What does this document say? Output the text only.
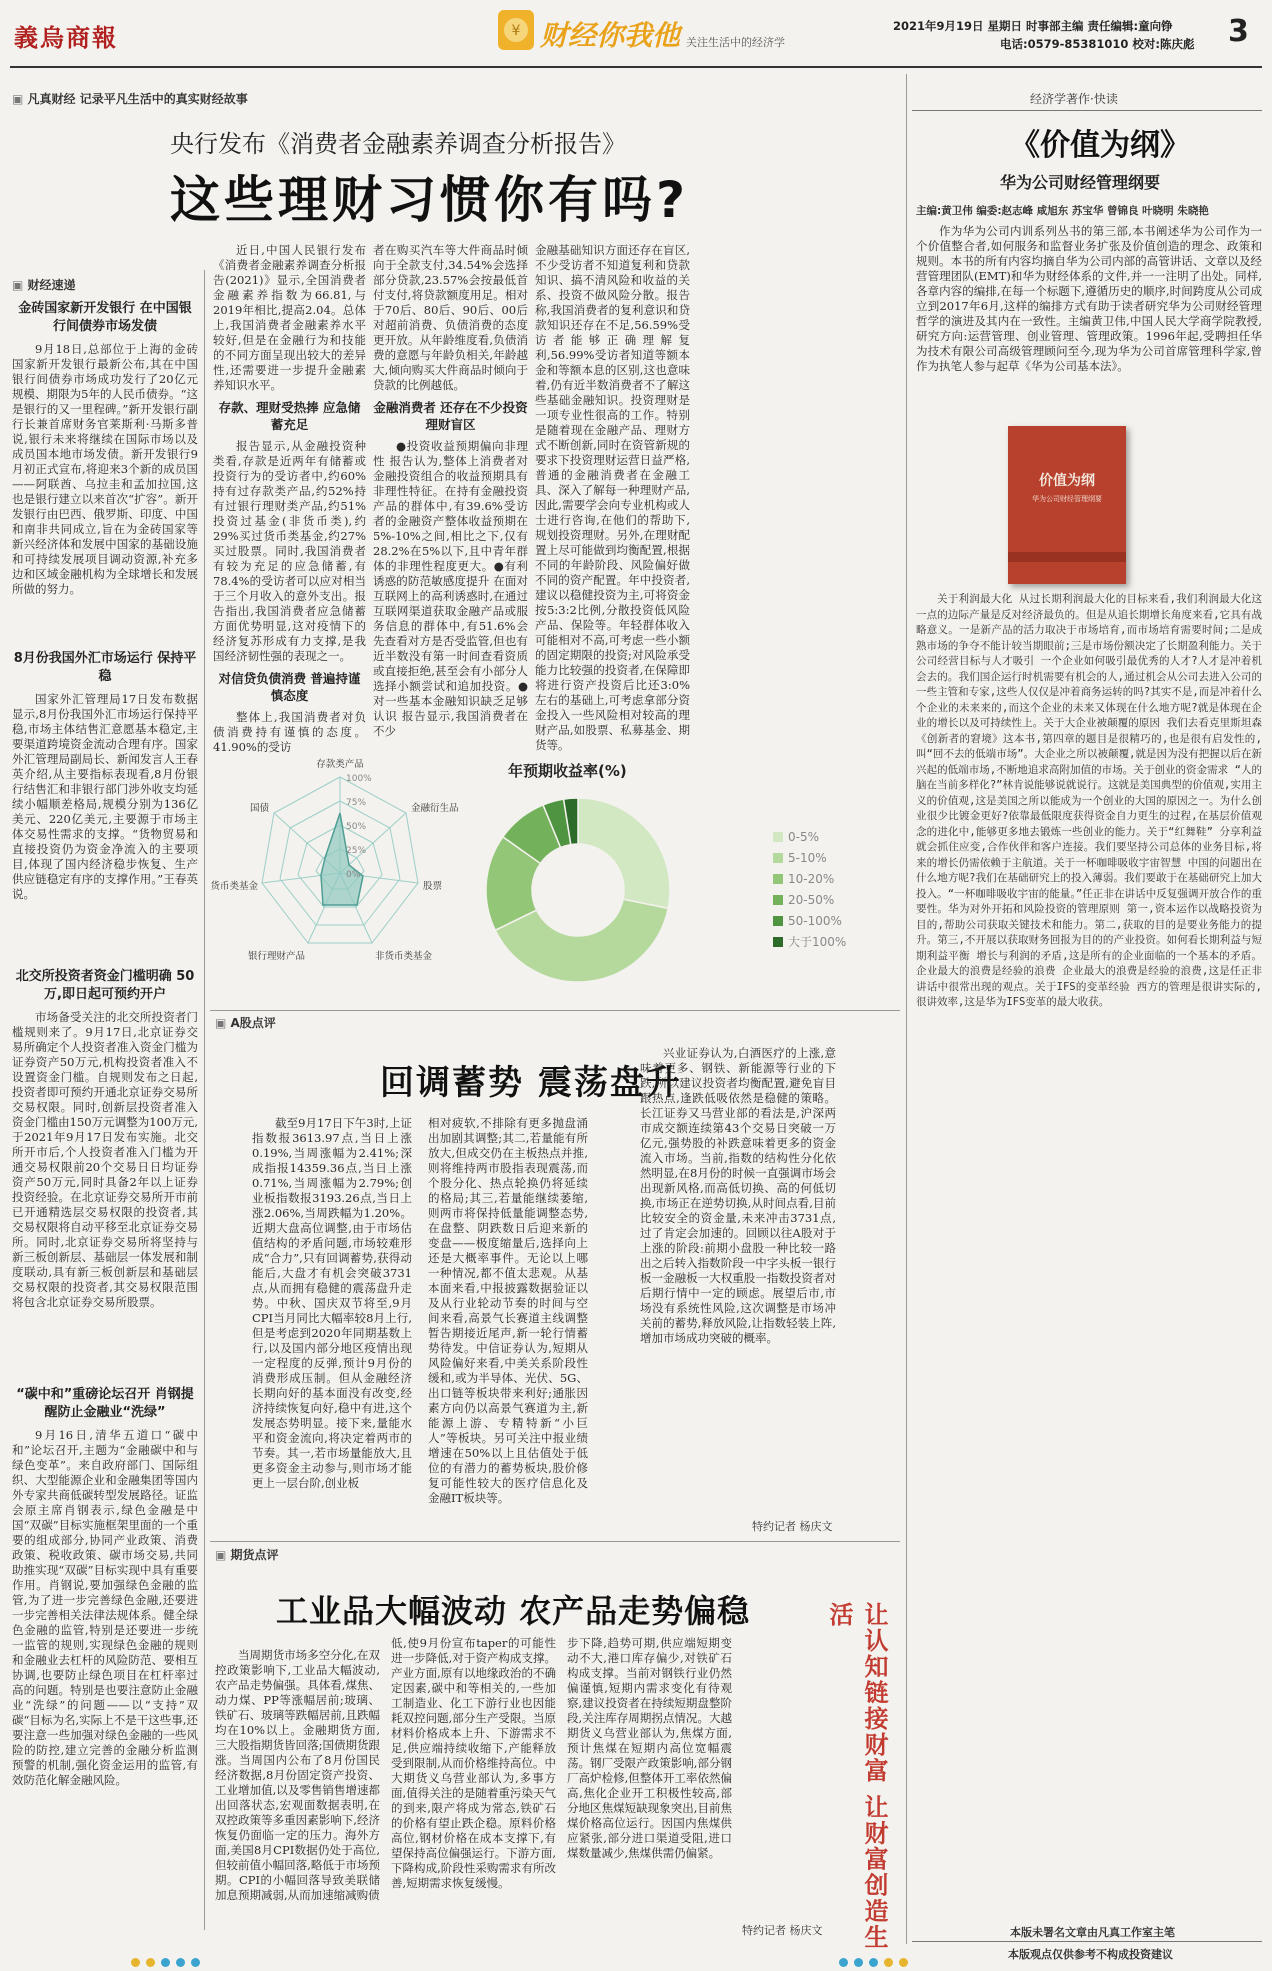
義烏商報	¥ 财经你我他 关注生活中的经济学
2021年9月19日 星期日 时事部主编 责任编辑:童向铮
电话:0579-85381010 校对:陈庆彪 3
▣ 凡真财经 记录平凡生活中的真实财经故事
央行发布《消费者金融素养调查分析报告》
这些理财习惯你有吗?

近日,中国人民银行发布《消费者金融素养调查分析报告(2021)》显示,全国消费者金融素养指数为66.81,与2019年相比,提高2.04。总体上,我国消费者金融素养水平较好,但是在金融行为和技能的不同方面呈现出较大的差异性,还需要进一步提升金融素养知识水平。

存款、理财受热捧 应急储蓄充足

报告显示,从金融投资种类看,存款是近两年有储蓄或投资行为的受访者中,约60%持有过存款类产品,约52%持有过银行理财类产品,约51%投资过基金(非货币类),约29%买过货币类基金,约27%买过股票。同时,我国消费者有较为充足的应急储蓄,有78.4%的受访者可以应对相当于三个月收入的意外支出。报告指出,我国消费者应急储蓄方面优势明显,这对疫情下的经济复苏形成有力支撑,是我国经济韧性强的表现之一。

对信贷负债消费 普遍持谨慎态度

整体上,我国消费者对负债消费持有谨慎的态度。41.90%的受访

者在购买汽车等大件商品时倾向于全款支付,34.54%会选择部分贷款,23.57%会按最低首付支付,将贷款额度用足。相对于70后、80后、90后、00后对超前消费、负债消费的态度更开放。从年龄维度看,负债消费的意愿与年龄负相关,年龄越大,倾向购买大件商品时倾向于贷款的比例越低。

金融消费者 还存在不少投资理财盲区

●投资收益预期偏向非理性 报告认为,整体上消费者对金融投资组合的收益预期具有非理性特征。在持有金融投资产品的群体中,有39.6%受访者的金融资产整体收益预期在5%-10%之间,相比之下,仅有28.2%在5%以下,且中青年群体的非理性程度更大。●有利诱惑的防范敏感度提升 在面对互联网上的高利诱惑时,在通过互联网渠道获取金融产品或服务信息的群体中,有51.6%会先查看对方是否受监管,但也有近半数没有第一时间查看资质或直接拒绝,甚至会有小部分人选择小额尝试和追加投资。●对一些基本金融知识缺乏足够认识 报告显示,我国消费者在不少

金融基础知识方面还存在盲区,不少受访者不知道复利和贷款知识、搞不清风险和收益的关系、投资不做风险分散。报告称,我国消费者的复利意识和贷款知识还存在不足,56.59%受访者能够正确理解复利,56.99%受访者知道等额本金和等额本息的区别,这也意味着,仍有近半数消费者不了解这些基础金融知识。投资理财是一项专业性很高的工作。特别是随着现在金融产品、理财方式不断创新,同时在资管新规的要求下投资理财运营日益严格,普通的金融消费者在金融工具、深入了解每一种理财产品,因此,需要学会向专业机构或人士进行咨询,在他们的帮助下,规划投资理财。另外,在理财配置上尽可能做到均衡配置,根据不同的年龄阶段、风险偏好做不同的资产配置。年中投资者,建议以稳健投资为主,可将资金按5:3:2比例,分散投资低风险产品、保险等。年轻群体收入可能相对不高,可考虑一些小额的固定期限的投资;对风险承受能力比较强的投资者,在保障即将进行资产投资后比还3:0%左右的基础上,可考虑拿部分资金投入一些风险相对较高的理财产品,如股票、私募基金、期货等。

▣ 财经速递
金砖国家新开发银行 在中国银行间债券市场发债

9月18日,总部位于上海的金砖国家新开发银行最新公布,其在中国银行间债券市场成功发行了20亿元规模、期限为5年的人民币债券。“这是银行的又一里程碑。”新开发银行副行长兼首席财务官莱斯利·马斯多普说,银行未来将继续在国际市场以及成员国本地市场发债。新开发银行9月初正式宣布,将迎来3个新的成员国——阿联酋、乌拉圭和孟加拉国,这也是银行建立以来首次“扩容”。新开发银行由巴西、俄罗斯、印度、中国和南非共同成立,旨在为金砖国家等新兴经济体和发展中国家的基础设施和可持续发展项目调动资源,补充多边和区域金融机构为全球增长和发展所做的努力。

8月份我国外汇市场运行 保持平稳

国家外汇管理局17日发布数据显示,8月份我国外汇市场运行保持平稳,市场主体结售汇意愿基本稳定,主要渠道跨境资金流动合理有序。国家外汇管理局副局长、新闻发言人王春英介绍,从主要指标表现看,8月份银行结售汇和非银行部门涉外收支均延续小幅顺差格局,规模分别为136亿美元、220亿美元,主要源于市场主体交易性需求的支撑。“货物贸易和直接投资仍为资金净流入的主要项目,体现了国内经济稳步恢复、生产供应链稳定有序的支撑作用。”王春英说。

北交所投资者资金门槛明确 50万,即日起可预约开户

市场备受关注的北交所投资者门槛规则来了。9月17日,北京证券交易所确定个人投资者准入资金门槛为证券资产50万元,机构投资者准入不设置资金门槛。自规则发布之日起,投资者即可预约开通北京证券交易所交易权限。同时,创新层投资者准入资金门槛由150万元调整为100万元,于2021年9月17日发布实施。北交所开市后,个人投资者准入门槛为开通交易权限前20个交易日日均证券资产50万元,同时具备2年以上证券投资经验。在北京证券交易所开市前已开通精选层交易权限的投资者,其交易权限将自动平移至北京证券交易所。同时,北京证券交易所将坚持与新三板创新层、基础层一体发展和制度联动,具有新三板创新层和基础层交易权限的投资者,其交易权限范围将包含北京证券交易所股票。

“碳中和”重磅论坛召开 肖钢提醒防止金融业“洗绿”

9月16日,清华五道口“碳中和”论坛召开,主题为“金融碳中和与绿色变革”。来自政府部门、国际组织、大型能源企业和金融集团等国内外专家共商低碳转型发展路径。证监会原主席肖钢表示,绿色金融是中国“双碳”目标实施框架里面的一个重要的组成部分,协同产业政策、消费政策、税收政策、碳市场交易,共同助推实现“双碳”目标实现中具有重要作用。肖钢说,要加强绿色金融的监管,为了进一步完善绿色金融,还要进一步完善相关法律法规体系。健全绿色金融的监管,特别是还要进一步统一监管的规则,实现绿色金融的规则和金融业去杠杆的风险防范、要相互协调,也要防止绿色项目在杠杆率过高的问题。特别是也要注意防止金融业“洗绿”的问题——以“支持”双碳“目标为名,实际上不是干这些事,还要注意一些加强对绿色金融的一些风险的防控,建立完善的金融分析监测预警的机制,强化资金运用的监管,有效防范化解金融风险。

100%
75%
50%
25%
0%
存款类产品
金融衍生品
股票
非货币类基金
银行理财产品
货币类基金
国债
年预期收益率(%)
0-5%
5-10%
10-20%
20-50%
50-100%
大于100%
▣ A股点评
回调蓄势 震荡盘升

截至9月17日下午3时,上证指数报3613.97点,当日上涨0.19%,当周涨幅为2.41%;深成指报14359.36点,当日上涨0.71%,当周涨幅为2.79%;创业板指数报3193.26点,当日上涨2.06%,当周跌幅为1.20%。近期大盘高位调整,由于市场估值结构的矛盾问题,市场较难形成“合力”,只有回调蓄势,获得动能后,大盘才有机会突破3731点,从而拥有稳健的震荡盘升走势。中秋、国庆双节将至,9月CPI当月同比大幅率较8月上行,但是考虑到2020年同期基数上行,以及国内部分地区疫情出现一定程度的反弹,预计9月份的消费形成压制。但从金融经济长期向好的基本面没有改变,经济持续恢复向好,稳中有进,这个发展态势明显。接下来,量能水平和资金流向,将决定着两市的节奏。其一,若市场量能放大,且更多资金主动参与,则市场才能更上一层台阶,创业板

相对疲软,不排除有更多抛盘涌出加剧其调整;其二,若量能有所放大,但成交仍在主板热点并推,则将维持两市股指表现震荡,而个股分化、热点轮换仍将延续的格局;其三,若量能继续萎缩,则两市将保持低量能调整态势,在盘整、阴跌数日后迎来新的变盘——极度缩量后,选择向上还是大概率事件。无论以上哪一种情况,都不值太悲观。从基本面来看,中报披露数据验证以及从行业轮动节奏的时间与空间来看,高景气长赛道主线调整暂告期接近尾声,新一轮行情蓄势待发。中信证券认为,短期从风险偏好来看,中美关系阶段性缓和,或为半导体、光伏、5G、出口链等板块带来利好;通胀因素方向仍以高景气赛道为主,新能源上游、专精特新“小巨人”等板块。另可关注中报业绩增速在50%以上且估值处于低位的有潜力的蓄势板块,股价修复可能性较大的医疗信息化及金融IT板块等。

兴业证券认为,白酒医疗的上涨,意味着更多、钢铁、新能源等行业的下跌,所以建议投资者均衡配置,避免盲目跟热点,逢跌低吸依然是稳健的策略。长江证券又马营业部的看法是,沪深两市成交额连续第43个交易日突破一万亿元,强势股的补跌意味着更多的资金流入市场。当前,指数的结构性分化依然明显,在8月份的时候一直强调市场会出现新风格,而高低切换、高的何低切换,市场正在逆势切换,从时间点看,目前比较安全的资金量,未来冲击3731点,过了肯定会加速的。回顾以往A股对于上涨的阶段:前期小盘股一种比较一路出之后转入指数阶段一中字头板一银行板一金融板一大权重股一指数投资者对后期行情中一定的顾虑。展望后市,市场没有系统性风险,这次调整是市场冲关前的蓄势,释放风险,让指数轻装上阵,增加市场成功突破的概率。

特约记者 杨庆文
▣ 期货点评
工业品大幅波动 农产品走势偏稳

当周期货市场多空分化,在双控政策影响下,工业品大幅波动,农产品走势偏强。具体看,煤焦、动力煤、PP等涨幅居前;玻璃、铁矿石、玻璃等跌幅居前,且跌幅均在10%以上。金融期货方面,三大股指期货皆回落;国债期货跟涨。当周国内公布了8月份国民经济数据,8月份固定资产投资、工业增加值,以及零售销售增速都出回落状态,宏观面数据表明,在双控政策等多重因素影响下,经济恢复仍面临一定的压力。海外方面,美国8月CPI数据仍处于高位,但较前值小幅回落,略低于市场预期。CPI的小幅回落导致美联储加息预期减弱,从而加速缩减购债

低,使9月份宣布taper的可能性进一步降低,对于资产构成支撑。产业方面,原有以地缘政治的不确定因素,碳中和等相关的,一些加工制造业、化工下游行业也因能耗双控问题,部分生产受限。当原材料价格成本上升、下游需求不足,供应端持续收缩下,产能释放受到限制,从而价格维持高位。中大期货义乌营业部认为,多事方面,值得关注的是随着重污染天气的到来,限产将成为常态,铁矿石的价格有望止跌企稳。原料价格高位,钢材价格在成本支撑下,有望保持高位偏强运行。下游方面,下降构成,阶段性采购需求有所改善,短期需求恢复缓慢。

步下降,趋势可期,供应端短期变动不大,港口库存偏少,对铁矿石构成支撑。当前对钢铁行业仍然偏谨慎,短期内需求变化有待观察,建议投资者在持续短期盘整阶段,关注库存周期拐点情况。大越期货义乌营业部认为,焦煤方面,预计焦煤在短期内高位宽幅震荡。钢厂受限产政策影响,部分钢厂高炉检修,但整体开工率依然偏高,焦化企业开工积极性较高,部分地区焦煤短缺现象突出,目前焦煤价格高位运行。因国内焦煤供应紧张,部分进口渠道受阻,进口煤数量减少,焦煤供需仍偏紧。

特约记者 杨庆文 让认知链接财富 让财富创造生活
经济学著作·快读
《价值为纲》
华为公司财经管理纲要
主编:黄卫伟 编委:赵志峰 咸旭东 苏宝华 曾锦良 叶晓明 朱晓艳

作为华为公司内训系列丛书的第三部,本书阐述华为公司作为一个价值整合者,如何服务和监督业务扩张及价值创造的理念、政策和规则。本书的所有内容均摘自华为公司内部的高管讲话、文章以及经营管理团队(EMT)和华为财经体系的文件,并一一注明了出处。同样,各章内容的编排,在每一个标题下,遵循历史的顺序,时间跨度从公司成立到2017年6月,这样的编排方式有助于读者研究华为公司财经管理哲学的演进及其内在一致性。主编黄卫伟,中国人民大学商学院教授,研究方向:运营管理、创业管理、管理政策。1996年起,受聘担任华为技术有限公司高级管理顾问至今,现为华为公司首席管理科学家,曾作为执笔人参与起草《华为公司基本法》。

价值为纲
华为公司财经管理纲要

关于利润最大化 从过长期利润最大化的目标来看,我们利润最大化这一点的边际产量是反对经济最负的。但是从追长期增长角度来看,它具有战略意义。一是新产品的活力取决于市场培育,而市场培育需要时间;二是成熟市场的争夺不能计较当期眼前;三是市场份额决定了长期盈利能力。关于公司经营目标与人才吸引 一个企业如何吸引最优秀的人才?人才是冲着机会去的。我们国企运行时机需要有机会的人,通过机会从公司去进入公司的一些主管和专家,这些人仅仅是冲着商务运转的吗?其实不是,而是冲着什么个企业的未来来的,而这个企业的未来又体现在什么地方呢?就是体现在企业的增长以及可持续性上。关于大企业被颠覆的原因 我们去看克里斯坦森《创新者的窘境》这本书,第四章的题目是很精巧的,也是很有启发性的,叫“回不去的低端市场”。大企业之所以被颠覆,就是因为没有把握以后在新兴起的低端市场,不断地追求高附加值的市场。关于创业的资金需求 “人的脑在当前多样化?”林肯说能够说就说行。这就是美国典型的价值观,实用主义的价值观,这是美国之所以能成为一个创业的大国的原因之一。为什么创业很少比镀金更好?依靠最低限度获得资金自力更生的过程,在基层价值观念的进化中,能够更多地去锻炼一些创业的能力。关于“红舞鞋” 分享利益就会抓住应变,合作伙伴和客户连接。我们要坚持公司总体的业务目标,将来的增长仍需依赖于主航道。关于一杯咖啡吸收宇宙智慧 中国的问题出在什么地方呢?我们在基础研究上的投入薄弱。我们要敢于在基础研究上加大投入。“一杯咖啡吸收宇宙的能量。”任正非在讲话中反复强调开放合作的重要性。华为对外开拓和风险投资的管理原则 第一,资本运作以战略投资为目的,帮助公司获取关键技术和能力。第二,获取的目的是要业务能力的提升。第三,不开展以获取财务回报为目的的产业投资。如何看长期利益与短期利益平衡 增长与利润的矛盾,这是所有的企业面临的一个基本的矛盾。企业最大的浪费是经验的浪费 企业最大的浪费是经验的浪费,这是任正非讲话中很常出现的观点。关于IFS的变革经验 西方的管理是很讲实际的,很讲效率,这是华为IFS变革的最大收获。

本版未署名文章由凡真工作室主笔
本版观点仅供参考不构成投资建议
